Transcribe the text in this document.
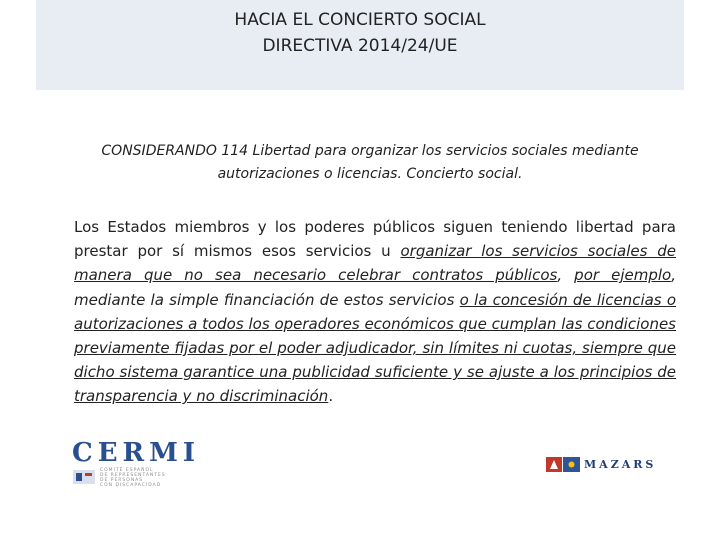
HACIA EL CONCIERTO SOCIAL
DIRECTIVA 2014/24/UE

CONSIDERANDO 114 Libertad para organizar los servicios sociales mediante

autorizaciones o licencias. Concierto social.

Los Estados miembros y los poderes públicos siguen teniendo libertad para prestar por sí mismos esos servicios u organizar los servicios sociales de manera que no sea necesario celebrar contratos públicos, por ejemplo, mediante la simple financiación de estos servicios o la concesión de licencias o autorizaciones a todos los operadores económicos que cumplan las condiciones previamente fijadas por el poder adjudicador, sin límites ni cuotas, siempre que dicho sistema garantice una publicidad suficiente y se ajuste a los principios de transparencia y no discriminación.

CERMI
COMITÉ ESPAÑOL
DE REPRESENTANTES
DE PERSONAS
CON DISCAPACIDAD
MAZARS
